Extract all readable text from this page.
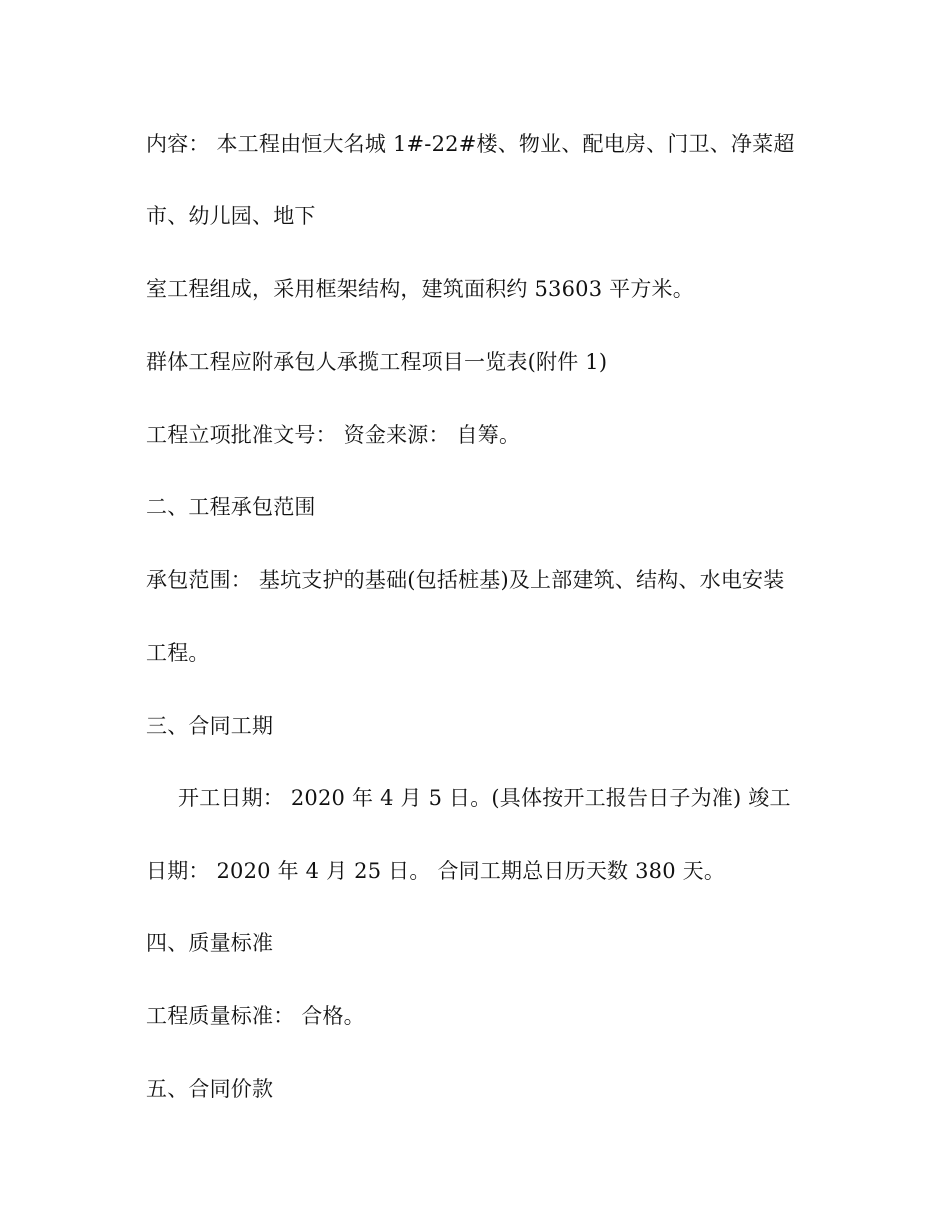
内容： 本工程由恒大名城 1#-22#楼、物业、配电房、门卫、净菜超
市、幼儿园、地下
室工程组成，采用框架结构，建筑面积约 53603 平方米。
群体工程应附承包人承揽工程项目一览表(附件 1)
工程立项批准文号： 资金来源： 自筹。
二、工程承包范围
承包范围： 基坑支护的基础(包括桩基)及上部建筑、结构、水电安装
工程。
三、合同工期
开工日期： 2020 年 4 月 5 日。(具体按开工报告日子为准) 竣工
日期： 2020 年 4 月 25 日。 合同工期总日历天数 380 天。
四、质量标准
工程质量标准： 合格。
五、合同价款
